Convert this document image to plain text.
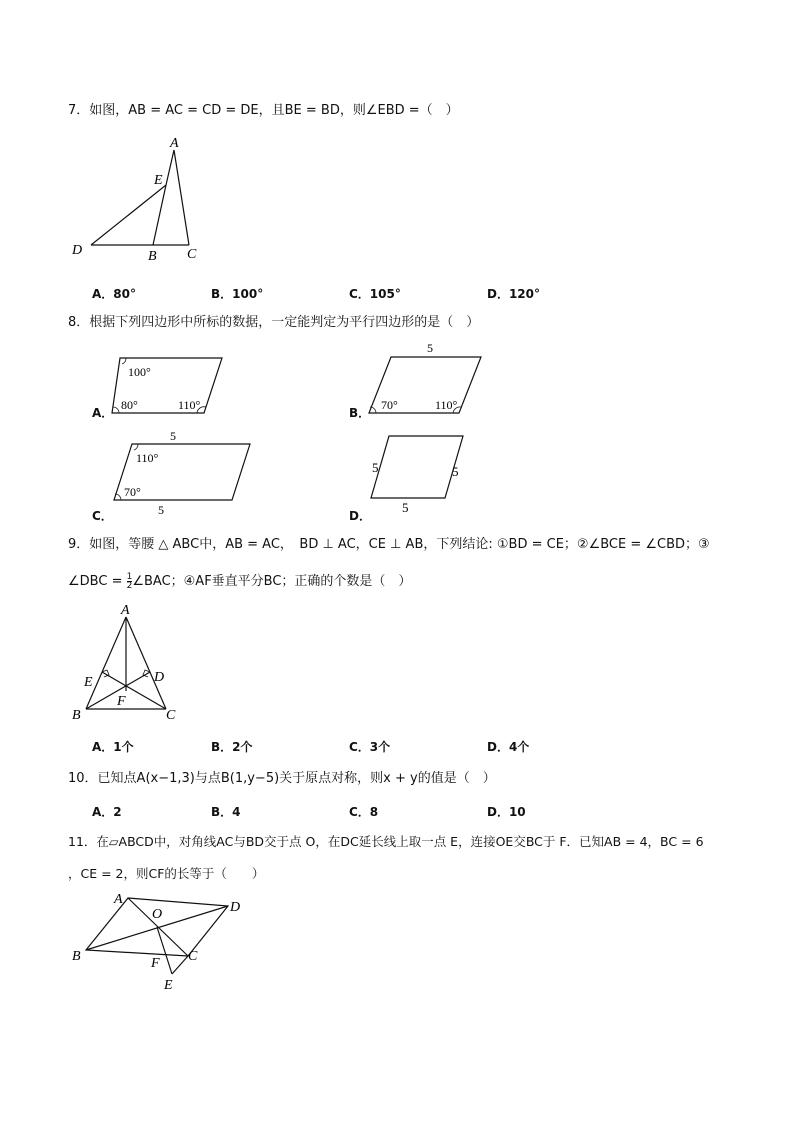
7．如图，AB = AC = CD = DE，且BE = BD，则∠EBD =（　）
A
E
D	B C
A．80°	B．100°	C．105°	D．120°
8．根据下列四边形中所标的数据，一定能判定为平行四边形的是（　）
A．
100°
80°	110°
B．
5
70°	110°
C．
5
5
110°
70°
D．
5	5
5
9．如图，等腰 △ ABC中，AB = AC，　BD ⊥ AC，CE ⊥ AB，下列结论: ①BD = CE；②∠BCE = ∠CBD；③
∠DBC = $\frac{1}{2}$ ∠BAC；④AF垂直平分BC；正确的个数是（　）
A
E	D
F
B	C
A．1个	B．2个	C．3个	D．4个
10．已知点A(x−1,3)与点B(1,y−5)关于原点对称，则x + y的值是（　）
A．2	B．4	C．8	D．10
11．在▱ABCD中，对角线AC与BD交于点 O，在DC延长线上取一点 E，连接OE交BC于 F．已知AB = 4，BC = 6
，CE = 2，则CF的长等于（　　）
A
O	D
B	F C
E
